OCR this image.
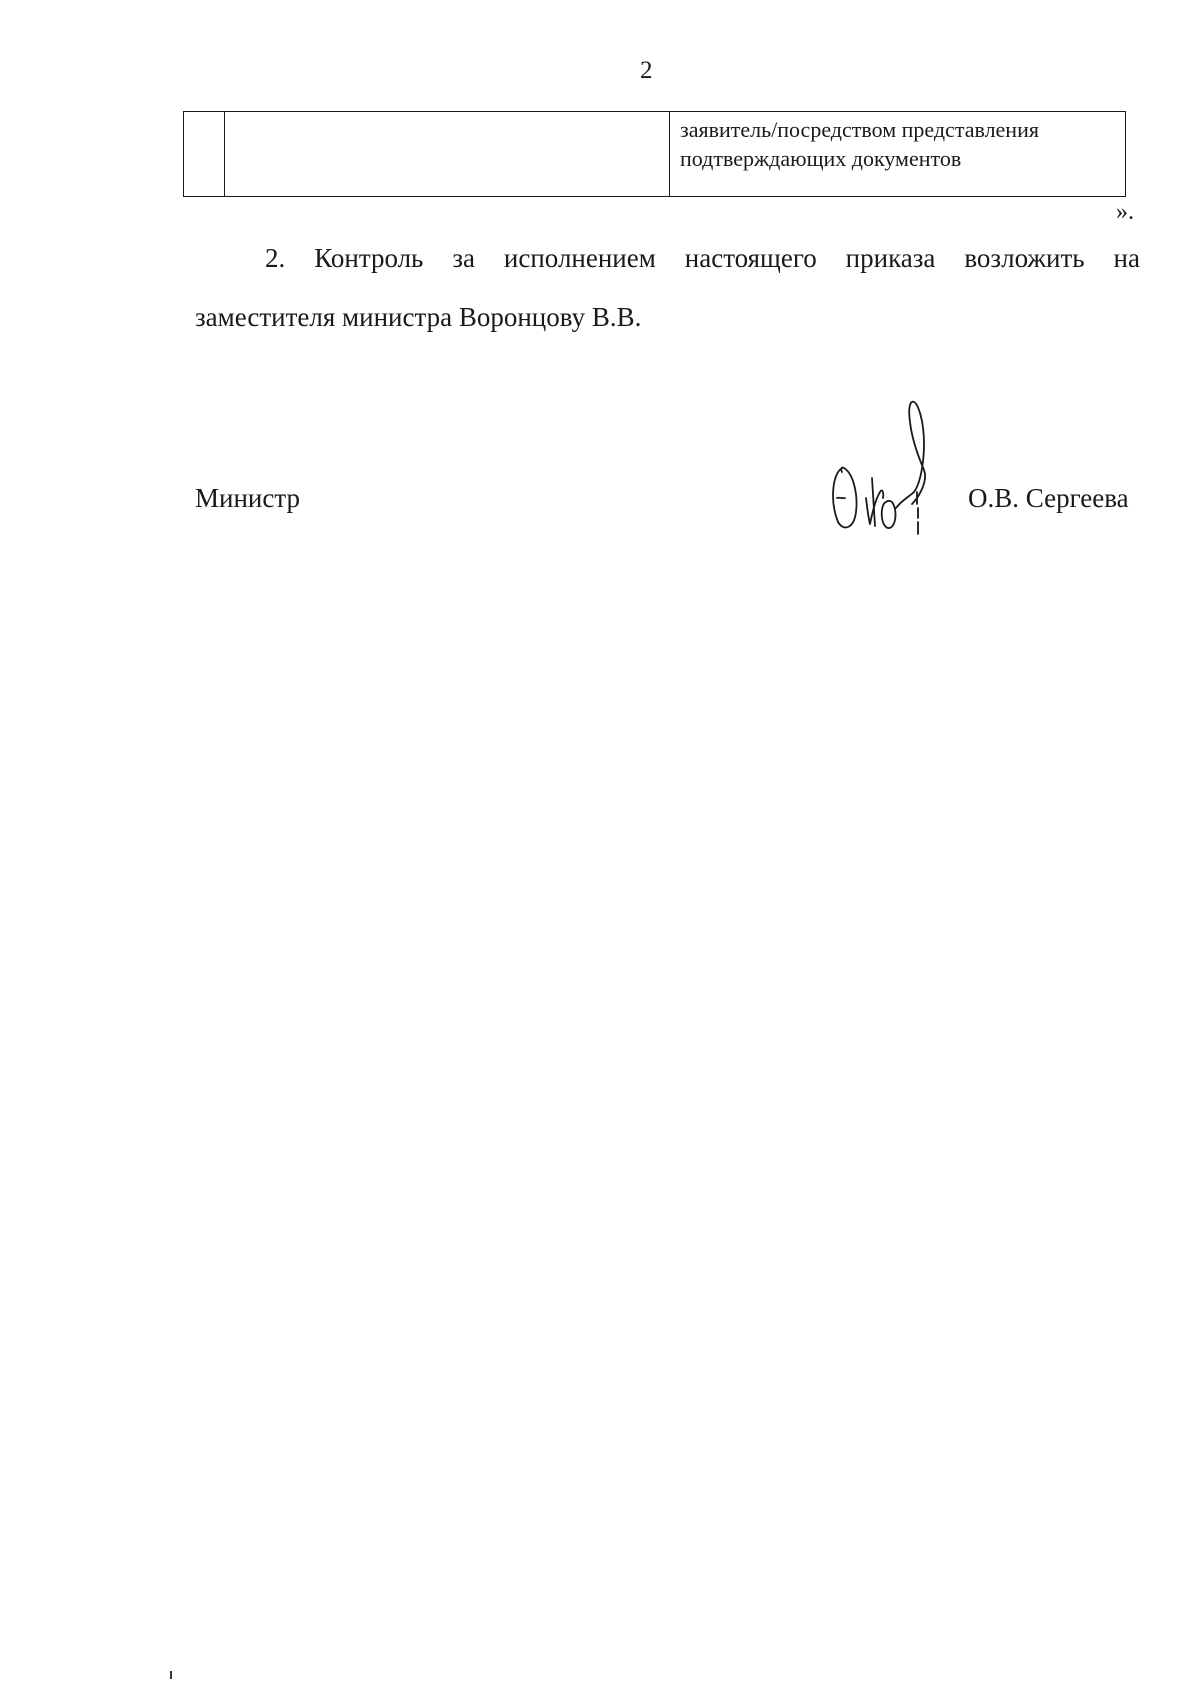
2

заявитель/посредством представления
подтверждающих документов
».
2. Контроль за исполнением настоящего приказа возложить на
заместителя министра Воронцову В.В.
Министр	О.В. Сергеева
